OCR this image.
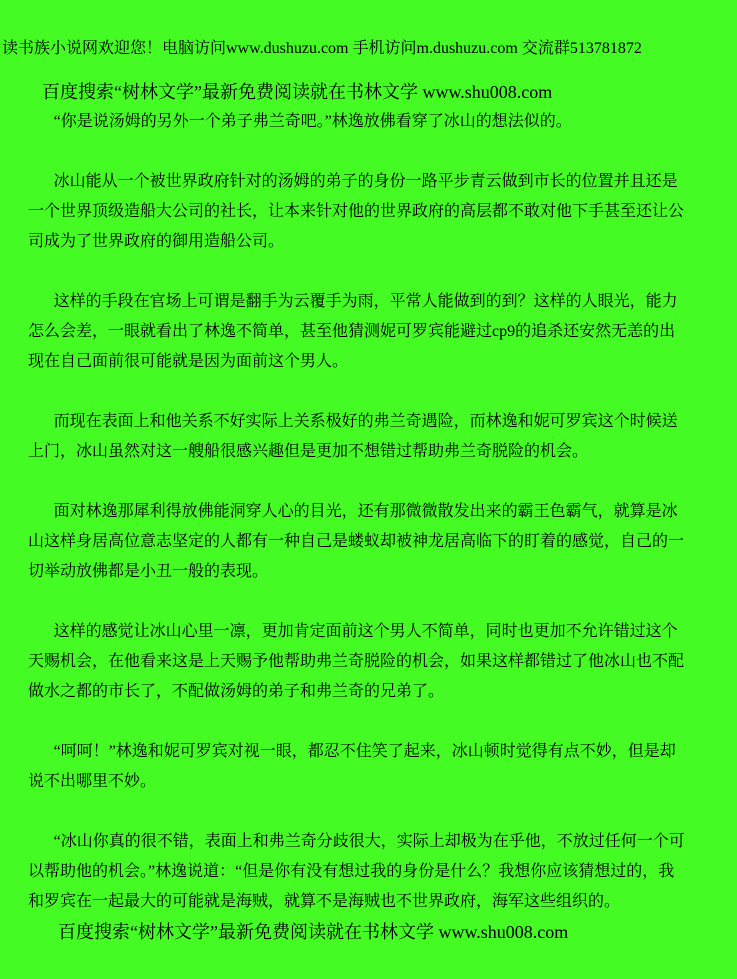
读书族小说网欢迎您！电脑访问www.dushuzu.com 手机访问m.dushuzu.com 交流群513781872
百度搜索“树林文学”最新免费阅读就在书林文学 www.shu008.com

“你是说汤姆的另外一个弟子弗兰奇吧。”林逸放佛看穿了冰山的想法似的。

冰山能从一个被世界政府针对的汤姆的弟子的身份一路平步青云做到市长的位置并且还是一个世界顶级造船大公司的社长，让本来针对他的世界政府的高层都不敢对他下手甚至还让公司成为了世界政府的御用造船公司。

这样的手段在官场上可谓是翻手为云覆手为雨，平常人能做到的到？这样的人眼光，能力怎么会差，一眼就看出了林逸不简单，甚至他猜测妮可罗宾能避过cp9的追杀还安然无恙的出现在自己面前很可能就是因为面前这个男人。

而现在表面上和他关系不好实际上关系极好的弗兰奇遇险，而林逸和妮可罗宾这个时候送上门，冰山虽然对这一艘船很感兴趣但是更加不想错过帮助弗兰奇脱险的机会。

面对林逸那犀利得放佛能洞穿人心的目光，还有那微微散发出来的霸王色霸气，就算是冰山这样身居高位意志坚定的人都有一种自己是蝼蚁却被神龙居高临下的盯着的感觉，自己的一切举动放佛都是小丑一般的表现。

这样的感觉让冰山心里一凛，更加肯定面前这个男人不简单，同时也更加不允许错过这个天赐机会，在他看来这是上天赐予他帮助弗兰奇脱险的机会，如果这样都错过了他冰山也不配做水之都的市长了，不配做汤姆的弟子和弗兰奇的兄弟了。

“呵呵！”林逸和妮可罗宾对视一眼，都忍不住笑了起来，冰山顿时觉得有点不妙，但是却说不出哪里不妙。

“冰山你真的很不错，表面上和弗兰奇分歧很大，实际上却极为在乎他，不放过任何一个可以帮助他的机会。”林逸说道：“但是你有没有想过我的身份是什么？我想你应该猜想过的，我和罗宾在一起最大的可能就是海贼，就算不是海贼也不世界政府，海军这些组织的。

百度搜索“树林文学”最新免费阅读就在书林文学 www.shu008.com
